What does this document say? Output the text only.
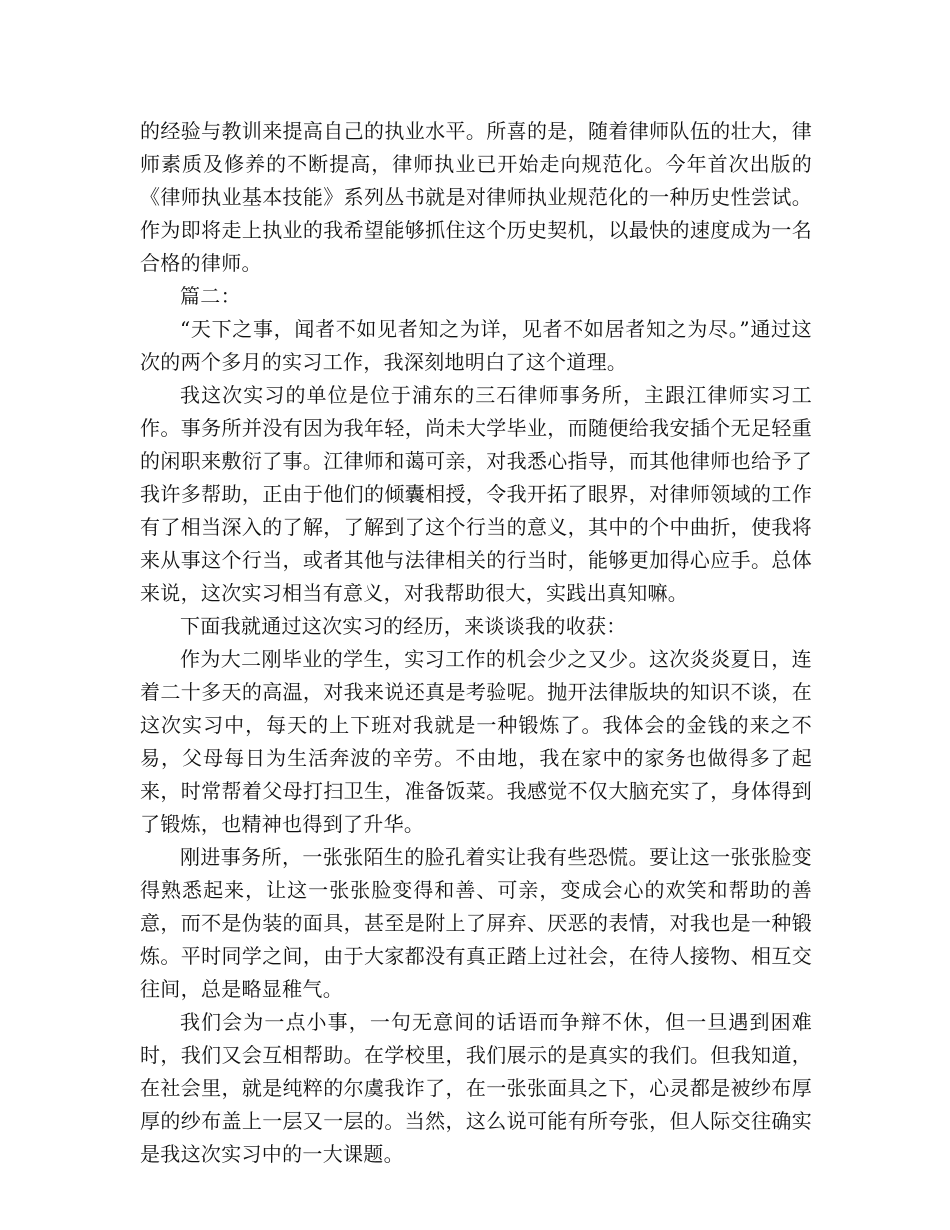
的经验与教训来提高自己的执业水平。所喜的是，随着律师队伍的壮大，律师素质及修养的不断提高，律师执业已开始走向规范化。今年首次出版的《律师执业基本技能》系列丛书就是对律师执业规范化的一种历史性尝试。作为即将走上执业的我希望能够抓住这个历史契机，以最快的速度成为一名合格的律师。

篇二：

“天下之事，闻者不如见者知之为详，见者不如居者知之为尽。”通过这次的两个多月的实习工作，我深刻地明白了这个道理。

我这次实习的单位是位于浦东的三石律师事务所，主跟江律师实习工作。事务所并没有因为我年轻，尚未大学毕业，而随便给我安插个无足轻重的闲职来敷衍了事。江律师和蔼可亲，对我悉心指导，而其他律师也给予了我许多帮助，正由于他们的倾囊相授，令我开拓了眼界，对律师领域的工作有了相当深入的了解，了解到了这个行当的意义，其中的个中曲折，使我将来从事这个行当，或者其他与法律相关的行当时，能够更加得心应手。总体来说，这次实习相当有意义，对我帮助很大，实践出真知嘛。

下面我就通过这次实习的经历，来谈谈我的收获：

作为大二刚毕业的学生，实习工作的机会少之又少。这次炎炎夏日，连着二十多天的高温，对我来说还真是考验呢。抛开法律版块的知识不谈，在这次实习中，每天的上下班对我就是一种锻炼了。我体会的金钱的来之不易，父母每日为生活奔波的辛劳。不由地，我在家中的家务也做得多了起来，时常帮着父母打扫卫生，准备饭菜。我感觉不仅大脑充实了，身体得到了锻炼，也精神也得到了升华。

刚进事务所，一张张陌生的脸孔着实让我有些恐慌。要让这一张张脸变得熟悉起来，让这一张张脸变得和善、可亲，变成会心的欢笑和帮助的善意，而不是伪装的面具，甚至是附上了屏弃、厌恶的表情，对我也是一种锻炼。平时同学之间，由于大家都没有真正踏上过社会，在待人接物、相互交往间，总是略显稚气。

我们会为一点小事，一句无意间的话语而争辩不休，但一旦遇到困难时，我们又会互相帮助。在学校里，我们展示的是真实的我们。但我知道，在社会里，就是纯粹的尔虞我诈了，在一张张面具之下，心灵都是被纱布厚厚的纱布盖上一层又一层的。当然，这么说可能有所夸张，但人际交往确实是我这次实习中的一大课题。
